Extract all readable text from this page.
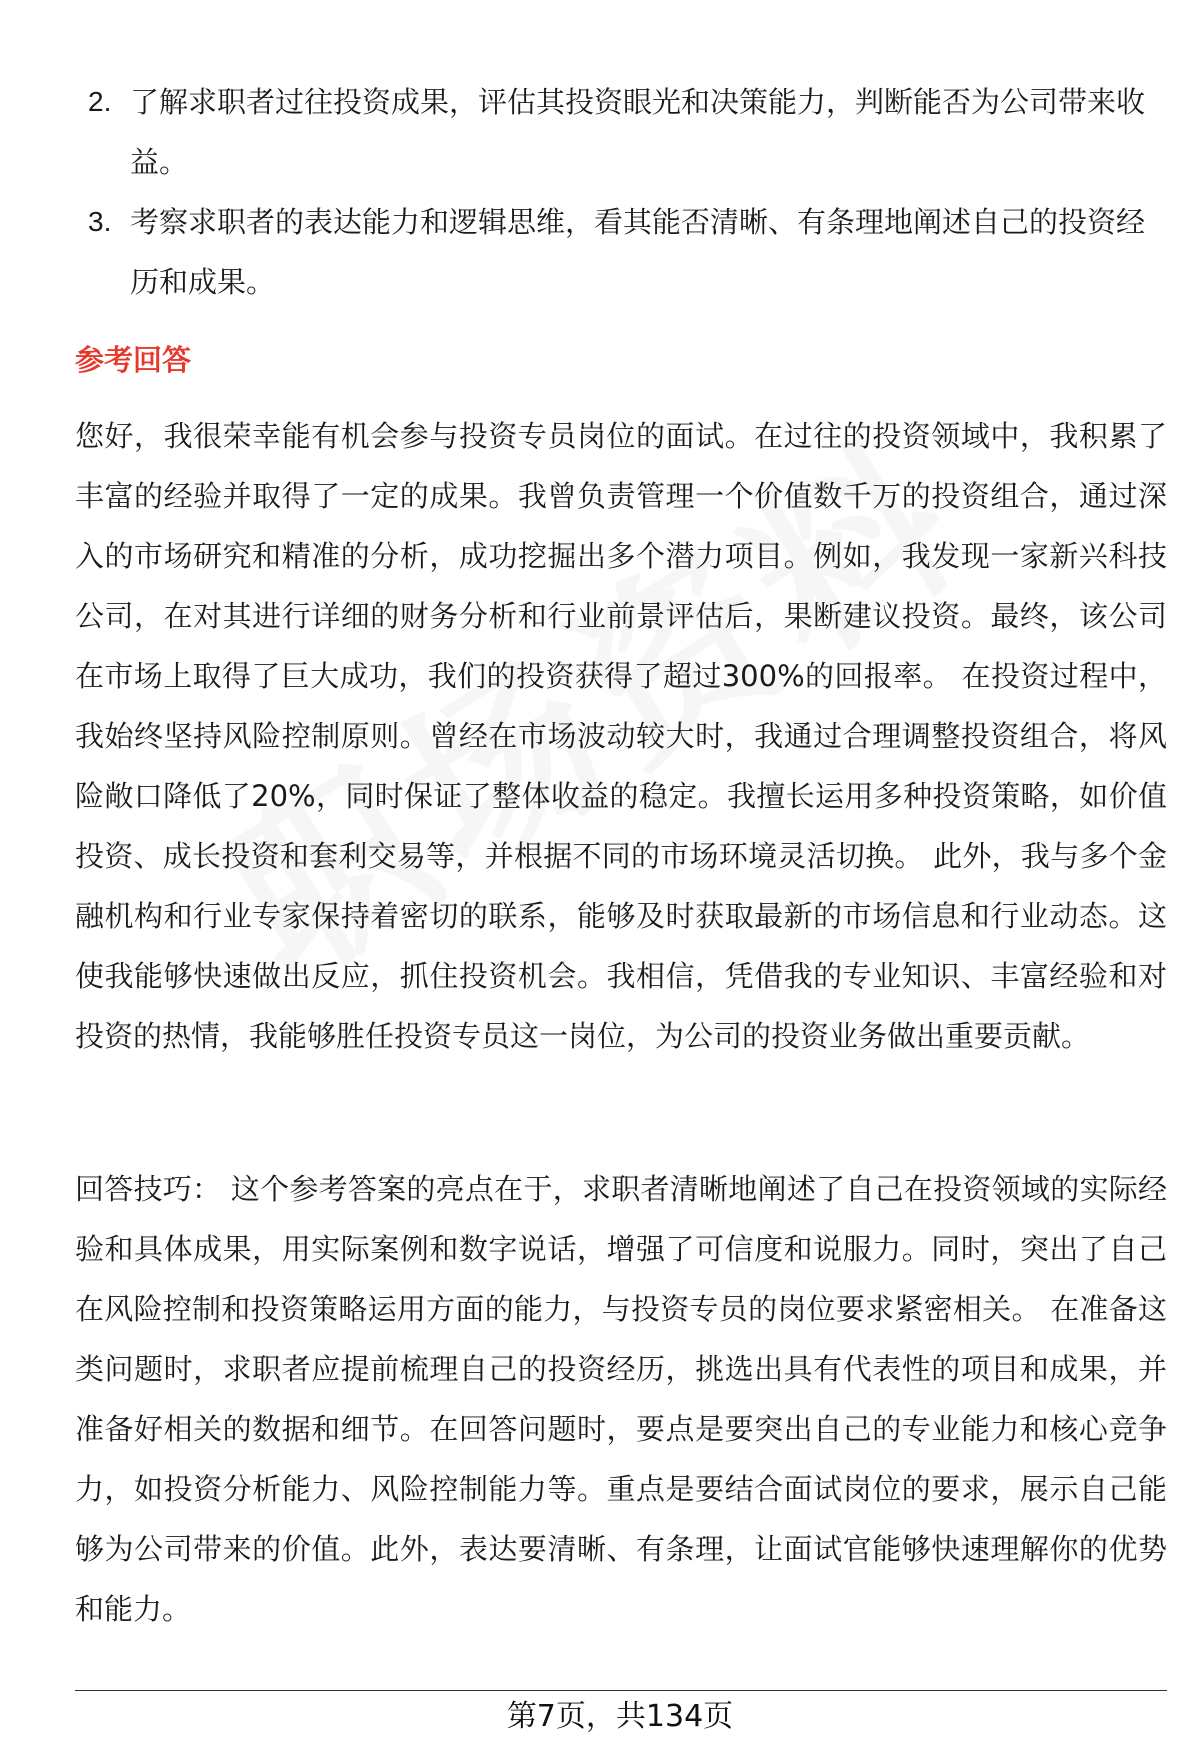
2. 了解求职者过往投资成果，评估其投资眼光和决策能力，判断能否为公司带来收益。
3. 考察求职者的表达能力和逻辑思维，看其能否清晰、有条理地阐述自己的投资经历和成果。
参考回答

您好，我很荣幸能有机会参与投资专员岗位的面试。在过往的投资领域中，我积累了丰富的经验并取得了一定的成果。我曾负责管理一个价值数千万的投资组合，通过深入的市场研究和精准的分析，成功挖掘出多个潜力项目。例如，我发现一家新兴科技公司，在对其进行详细的财务分析和行业前景评估后，果断建议投资。最终，该公司在市场上取得了巨大成功，我们的投资获得了超过300%的回报率。 在投资过程中，我始终坚持风险控制原则。曾经在市场波动较大时，我通过合理调整投资组合，将风险敞口降低了20%，同时保证了整体收益的稳定。我擅长运用多种投资策略，如价值投资、成长投资和套利交易等，并根据不同的市场环境灵活切换。 此外，我与多个金融机构和行业专家保持着密切的联系，能够及时获取最新的市场信息和行业动态。这使我能够快速做出反应，抓住投资机会。我相信，凭借我的专业知识、丰富经验和对投资的热情，我能够胜任投资专员这一岗位，为公司的投资业务做出重要贡献。

回答技巧： 这个参考答案的亮点在于，求职者清晰地阐述了自己在投资领域的实际经验和具体成果，用实际案例和数字说话，增强了可信度和说服力。同时，突出了自己在风险控制和投资策略运用方面的能力，与投资专员的岗位要求紧密相关。 在准备这类问题时，求职者应提前梳理自己的投资经历，挑选出具有代表性的项目和成果，并准备好相关的数据和细节。在回答问题时，要点是要突出自己的专业能力和核心竞争力，如投资分析能力、风险控制能力等。重点是要结合面试岗位的要求，展示自己能够为公司带来的价值。此外，表达要清晰、有条理，让面试官能够快速理解你的优势和能力。

第7页，共134页
